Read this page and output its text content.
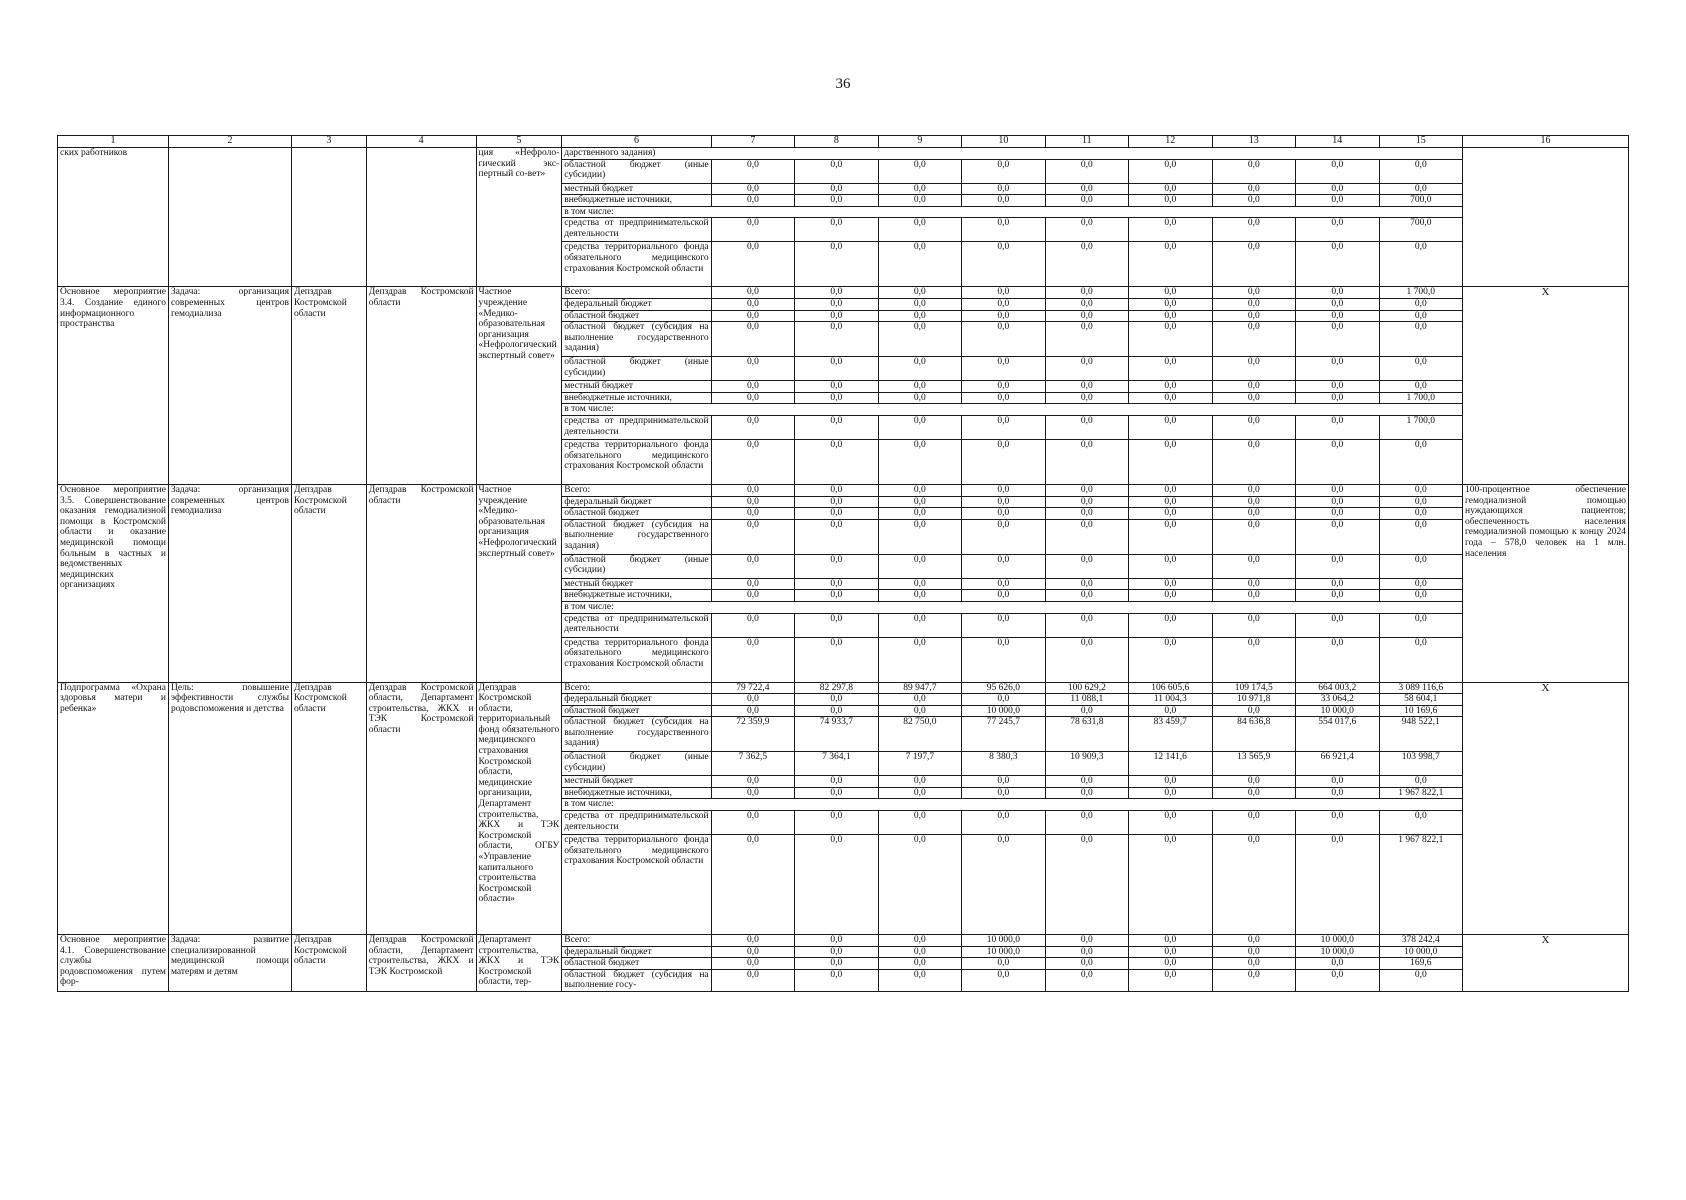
36
1	2	3	4	5	6	7	8	9	10	11	12	13	14	15	16
ских работников				ция «Нефроло-гический экс-пертный со-вет»	дарственного задания)										
					областной бюджет (иные субсидии)	0,0	0,0	0,0	0,0	0,0	0,0	0,0	0,0	0,0	
					местный бюджет	0,0	0,0	0,0	0,0	0,0	0,0	0,0	0,0	0,0	
					внебюджетные источники,	0,0	0,0	0,0	0,0	0,0	0,0	0,0	0,0	700,0	
					в том числе:										
					средства от предпринимательской деятельности	0,0	0,0	0,0	0,0	0,0	0,0	0,0	0,0	700,0	
					средства территориального фонда обязательного медицинского страхования Костромской области	0,0	0,0	0,0	0,0	0,0	0,0	0,0	0,0	0,0	
Основное мероприятие 3.4. Создание единого информационного пространства	Задача: организация современных центров гемодиализа	Депздрав Костромской области	Депздрав Костромской области	Частное учреждение «Медико-образовательная организация «Нефрологический экспертный совет»	Всего:	0,0	0,0	0,0	0,0	0,0	0,0	0,0	0,0	1 700,0	X
					федеральный бюджет	0,0	0,0	0,0	0,0	0,0	0,0	0,0	0,0	0,0	
					областной бюджет	0,0	0,0	0,0	0,0	0,0	0,0	0,0	0,0	0,0	
					областной бюджет (субсидия на выполнение государственного задания)	0,0	0,0	0,0	0,0	0,0	0,0	0,0	0,0	0,0	
					областной бюджет (иные субсидии)	0,0	0,0	0,0	0,0	0,0	0,0	0,0	0,0	0,0	
					местный бюджет	0,0	0,0	0,0	0,0	0,0	0,0	0,0	0,0	0,0	
					внебюджетные источники,	0,0	0,0	0,0	0,0	0,0	0,0	0,0	0,0	1 700,0	
					в том числе:										
					средства от предпринимательской деятельности	0,0	0,0	0,0	0,0	0,0	0,0	0,0	0,0	1 700,0	
					средства территориального фонда обязательного медицинского страхования Костромской области	0,0	0,0	0,0	0,0	0,0	0,0	0,0	0,0	0,0	
Основное мероприятие 3.5. Совершенствование оказания гемодиализной помощи в Костромской области и оказание медицинской помощи больным в частных и ведомственных медицинских организациях	Задача: организация современных центров гемодиализа	Депздрав Костромской области	Депздрав Костромской области	Частное учреждение «Медико-образовательная организация «Нефрологический экспертный совет»	Всего:	0,0	0,0	0,0	0,0	0,0	0,0	0,0	0,0	0,0	100-процентное обеспечение гемодиализной помощью нуждающихся пациентов; обеспеченность населения гемодиализной помощью к концу 2024 года – 578,0 человек на 1 млн. населения
					федеральный бюджет	0,0	0,0	0,0	0,0	0,0	0,0	0,0	0,0	0,0	
					областной бюджет	0,0	0,0	0,0	0,0	0,0	0,0	0,0	0,0	0,0	
					областной бюджет (субсидия на выполнение государственного задания)	0,0	0,0	0,0	0,0	0,0	0,0	0,0	0,0	0,0	
					областной бюджет (иные субсидии)	0,0	0,0	0,0	0,0	0,0	0,0	0,0	0,0	0,0	
					местный бюджет	0,0	0,0	0,0	0,0	0,0	0,0	0,0	0,0	0,0	
					внебюджетные источники,	0,0	0,0	0,0	0,0	0,0	0,0	0,0	0,0	0,0	
					в том числе:										
					средства от предпринимательской деятельности	0,0	0,0	0,0	0,0	0,0	0,0	0,0	0,0	0,0	
					средства территориального фонда обязательного медицинского страхования Костромской области	0,0	0,0	0,0	0,0	0,0	0,0	0,0	0,0	0,0	
Подпрограмма «Охрана здоровья матери и ребенка»	Цель: повышение эффективности службы родовспоможения и детства	Депздрав Костромской области	Депздрав Костромской области, Департамент строительства, ЖКХ и ТЭК Костромской области	Депздрав Костромской области, территориальный фонд обязательного медицинского страхования Костромской области, медицинские организации, Департамент строительства, ЖКХ и ТЭК Костромской области, ОГБУ «Управление капитального строительства Костромской области»	Всего:	79 722,4	82 297,8	89 947,7	95 626,0	100 629,2	106 605,6	109 174,5	664 003,2	3 089 116,6	X
					федеральный бюджет	0,0	0,0	0,0	0,0	11 088,1	11 004,3	10 971,8	33 064,2	58 604,1	
					областной бюджет	0,0	0,0	0,0	10 000,0	0,0	0,0	0,0	10 000,0	10 169,6	
					областной бюджет (субсидия на выполнение государственного задания)	72 359,9	74 933,7	82 750,0	77 245,7	78 631,8	83 459,7	84 636,8	554 017,6	948 522,1	
					областной бюджет (иные субсидии)	7 362,5	7 364,1	7 197,7	8 380,3	10 909,3	12 141,6	13 565,9	66 921,4	103 998,7	
					местный бюджет	0,0	0,0	0,0	0,0	0,0	0,0	0,0	0,0	0,0	
					внебюджетные источники,	0,0	0,0	0,0	0,0	0,0	0,0	0,0	0,0	1 967 822,1	
					в том числе:										
					средства от предпринимательской деятельности	0,0	0,0	0,0	0,0	0,0	0,0	0,0	0,0	0,0	
					средства территориального фонда обязательного медицинского страхования Костромской области	0,0	0,0	0,0	0,0	0,0	0,0	0,0	0,0	1 967 822,1	
Основное мероприятие 4.1. Совершенствование службы родовспоможения путем фор-	Задача: развитие специализированной медицинской помощи матерям и детям	Депздрав Костромской области	Депздрав Костромской области, Департамент строительства, ЖКХ и ТЭК Костромской	Департамент строительства, ЖКХ и ТЭК Костромской области, тер-	Всего:	0,0	0,0	0,0	10 000,0	0,0	0,0	0,0	10 000,0	378 242,4	X
					федеральный бюджет	0,0	0,0	0,0	10 000,0	0,0	0,0	0,0	10 000,0	10 000,0	
					областной бюджет	0,0	0,0	0,0	0,0	0,0	0,0	0,0	0,0	169,6	
					областной бюджет (субсидия на выполнение госу-	0,0	0,0	0,0	0,0	0,0	0,0	0,0	0,0	0,0	
